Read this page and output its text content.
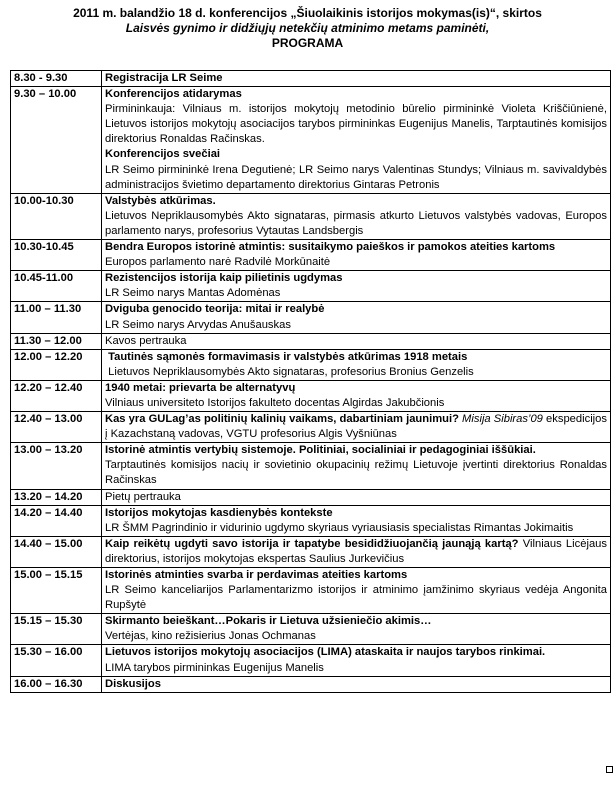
2011 m. balandžio 18 d. konferencijos „Šiuolaikinis istorijos mokymas(is)“, skirtos
Laisvės gynimo ir didžiųjų netekčių atminimo metams paminėti,
PROGRAMA
8.30 - 9.30	Registracija LR Seime

9.30 – 10.00	Konferencijos atidarymas
Pirmininkauja: Vilniaus m. istorijos mokytojų metodinio būrelio pirmininkė Violeta Kriščiūnienė, Lietuvos istorijos mokytojų asociacijos tarybos pirmininkas Eugenijus Manelis, Tarptautinės komisijos direktorius Ronaldas Račinskas.
Konferencijos svečiai
LR Seimo pirmininkė Irena Degutienė; LR Seimo narys Valentinas Stundys; Vilniaus m. savivaldybės administracijos švietimo departamento direktorius Gintaras Petronis

10.00-10.30	Valstybės atkūrimas.
Lietuvos Nepriklausomybės Akto signataras, pirmasis atkurto Lietuvos valstybės vadovas, Europos parlamento narys, profesorius Vytautas Landsbergis

10.30-10.45	Bendra Europos istorinė atmintis: susitaikymo paieškos ir pamokos ateities kartoms
Europos parlamento narė Radvilė Morkūnaitė

10.45-11.00	Rezistencijos istorija kaip pilietinis ugdymas
LR Seimo narys Mantas Adomėnas

11.00 – 11.30	Dviguba genocido teorija: mitai ir realybė
LR Seimo narys Arvydas Anušauskas

11.30 – 12.00	Kavos pertrauka

12.00 – 12.20	Tautinės sąmonės formavimasis ir valstybės atkūrimas 1918 metais
Lietuvos Nepriklausomybės Akto signataras, profesorius Bronius Genzelis

12.20 – 12.40	1940 metai: prievarta be alternatyvų
Vilniaus universiteto Istorijos fakulteto docentas Algirdas Jakubčionis

12.40 – 13.00	Kas yra GULag’as politinių kalinių vaikams, dabartiniam jaunimui? Misija Sibiras’09 ekspedicijos į Kazachstaną vadovas, VGTU profesorius Algis Vyšniūnas

13.00 – 13.20	Istorinė atmintis vertybių sistemoje. Politiniai, socialiniai ir pedagoginiai iššūkiai.
Tarptautinės komisijos nacių ir sovietinio okupacinių režimų Lietuvoje įvertinti direktorius Ronaldas Račinskas

13.20 – 14.20	Pietų pertrauka

14.20 – 14.40	Istorijos mokytojas kasdienybės kontekste
LR ŠMM Pagrindinio ir vidurinio ugdymo skyriaus vyriausiasis specialistas Rimantas Jokimaitis

14.40 – 15.00	Kaip reikėtų ugdyti savo istorija ir tapatybe besididžiuojančią jaunąją kartą? Vilniaus Licėjaus direktorius, istorijos mokytojas ekspertas Saulius Jurkevičius

15.00 – 15.15	Istorinės atminties svarba ir perdavimas ateities kartoms
LR Seimo kanceliarijos Parlamentarizmo istorijos ir atminimo įamžinimo skyriaus vedėja Angonita Rupšytė

15.15 – 15.30	Skirmanto beieškant…Pokaris ir Lietuva užsieniečio akimis…
Vertėjas, kino režisierius Jonas Ochmanas

15.30 – 16.00	Lietuvos istorijos mokytojų asociacijos (LIMA) ataskaita ir naujos tarybos rinkimai.
LIMA tarybos pirmininkas Eugenijus Manelis

16.00 – 16.30	Diskusijos
